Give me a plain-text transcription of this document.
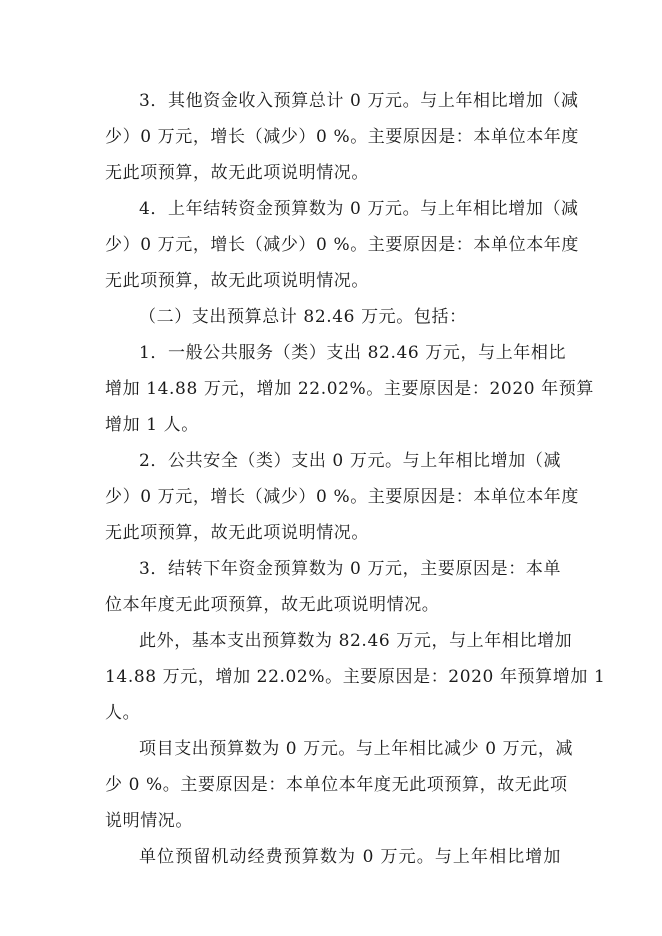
3．其他资金收入预算总计 0 万元。与上年相比增加（减
少）0 万元，增长（减少）0 %。主要原因是：本单位本年度
无此项预算，故无此项说明情况。
4．上年结转资金预算数为 0 万元。与上年相比增加（减
少）0 万元，增长（减少）0 %。主要原因是：本单位本年度
无此项预算，故无此项说明情况。
（二）支出预算总计 82.46 万元。包括：
1．一般公共服务（类）支出 82.46 万元，与上年相比
增加 14.88 万元，增加 22.02%。主要原因是：2020 年预算
增加 1 人。
2．公共安全（类）支出 0 万元。与上年相比增加（减
少）0 万元，增长（减少）0 %。主要原因是：本单位本年度
无此项预算，故无此项说明情况。
3．结转下年资金预算数为 0 万元，主要原因是：本单
位本年度无此项预算，故无此项说明情况。
此外，基本支出预算数为 82.46 万元，与上年相比增加
14.88 万元，增加 22.02%。主要原因是：2020 年预算增加 1
人。
项目支出预算数为 0 万元。与上年相比减少 0 万元，减
少 0 %。主要原因是：本单位本年度无此项预算，故无此项
说明情况。
单位预留机动经费预算数为 0 万元。与上年相比增加
